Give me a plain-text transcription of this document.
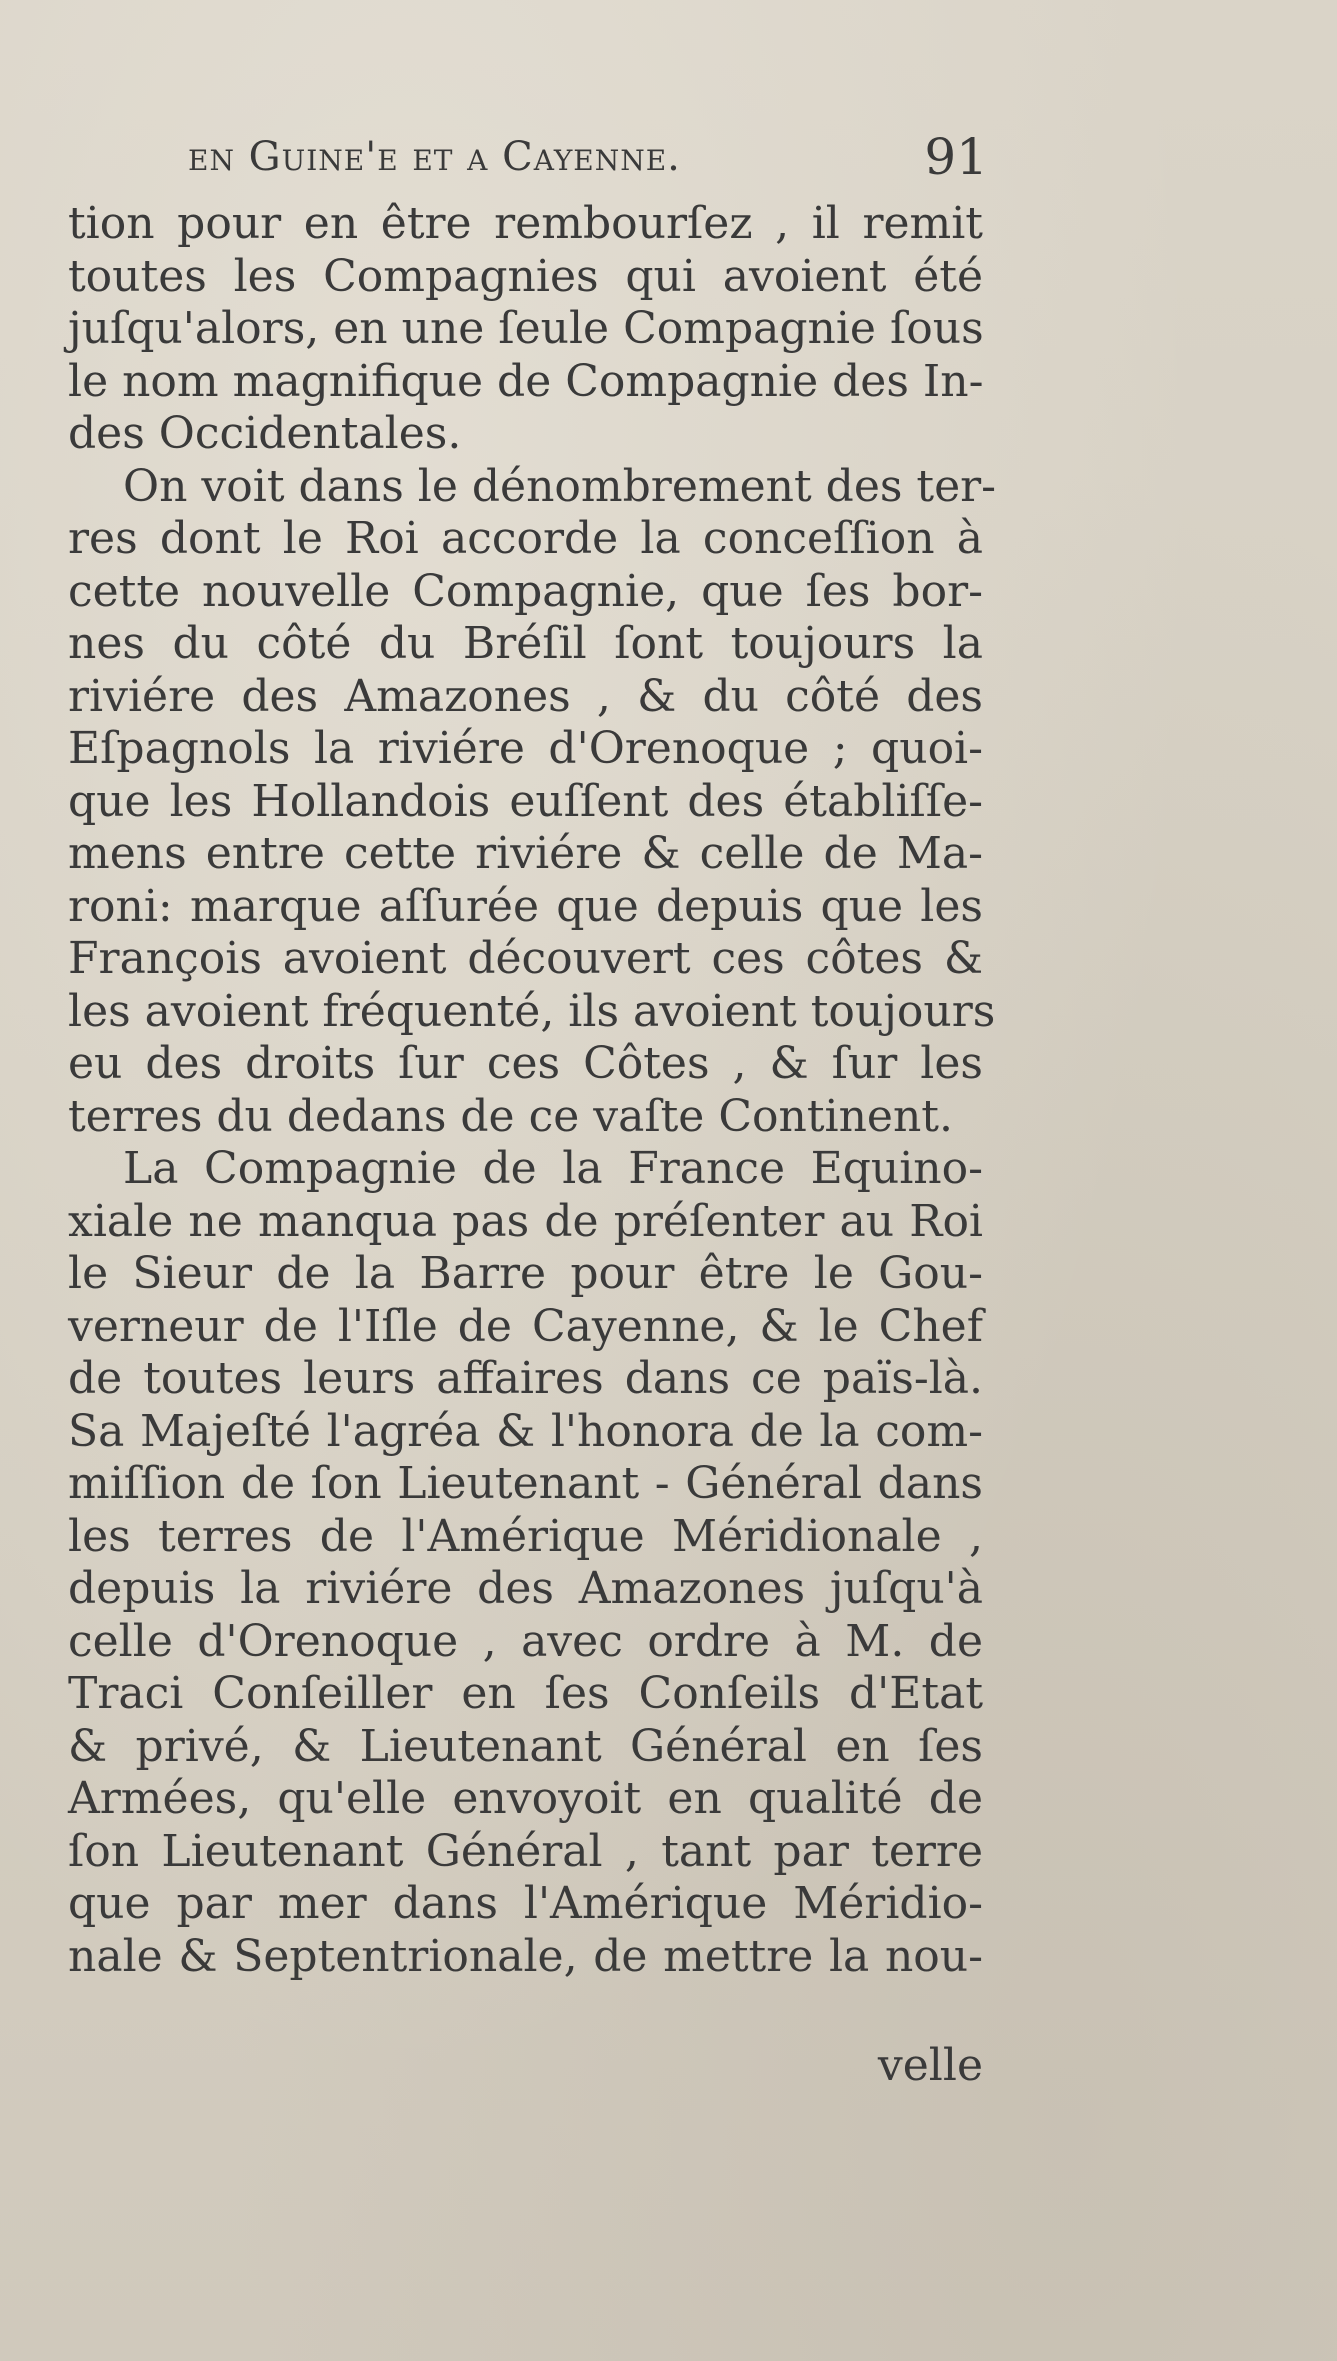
en Guine'e et a Cayenne.	91
tion pour en être rembourſez , il remit
toutes les Compagnies qui avoient été
juſqu'alors, en une ſeule Compagnie ſous
le nom magnifique de Compagnie des In-
des Occidentales.
On voit dans le dénombrement des ter-
res dont le Roi accorde la conceſſion à
cette nouvelle Compagnie, que ſes bor-
nes du côté du Bréſil ſont toujours la
riviére des Amazones , & du côté des
Eſpagnols la riviére d'Orenoque ; quoi-
que les Hollandois euſſent des établiſſe-
mens entre cette riviére & celle de Ma-
roni: marque aſſurée que depuis que les
François avoient découvert ces côtes &
les avoient fréquenté, ils avoient toujours
eu des droits ſur ces Côtes , & ſur les
terres du dedans de ce vaſte Continent.
La Compagnie de la France Equino-
xiale ne manqua pas de préſenter au Roi
le Sieur de la Barre pour être le Gou-
verneur de l'Iſle de Cayenne, & le Chef
de toutes leurs affaires dans ce païs-là.
Sa Majeſté l'agréa & l'honora de la com-
miſſion de ſon Lieutenant - Général dans
les terres de l'Amérique Méridionale ,
depuis la riviére des Amazones juſqu'à
celle d'Orenoque , avec ordre à M. de
Traci Conſeiller en ſes Conſeils d'Etat
& privé, & Lieutenant Général en ſes
Armées, qu'elle envoyoit en qualité de
ſon Lieutenant Général , tant par terre
que par mer dans l'Amérique Méridio-
nale & Septentrionale, de mettre la nou-
velle
